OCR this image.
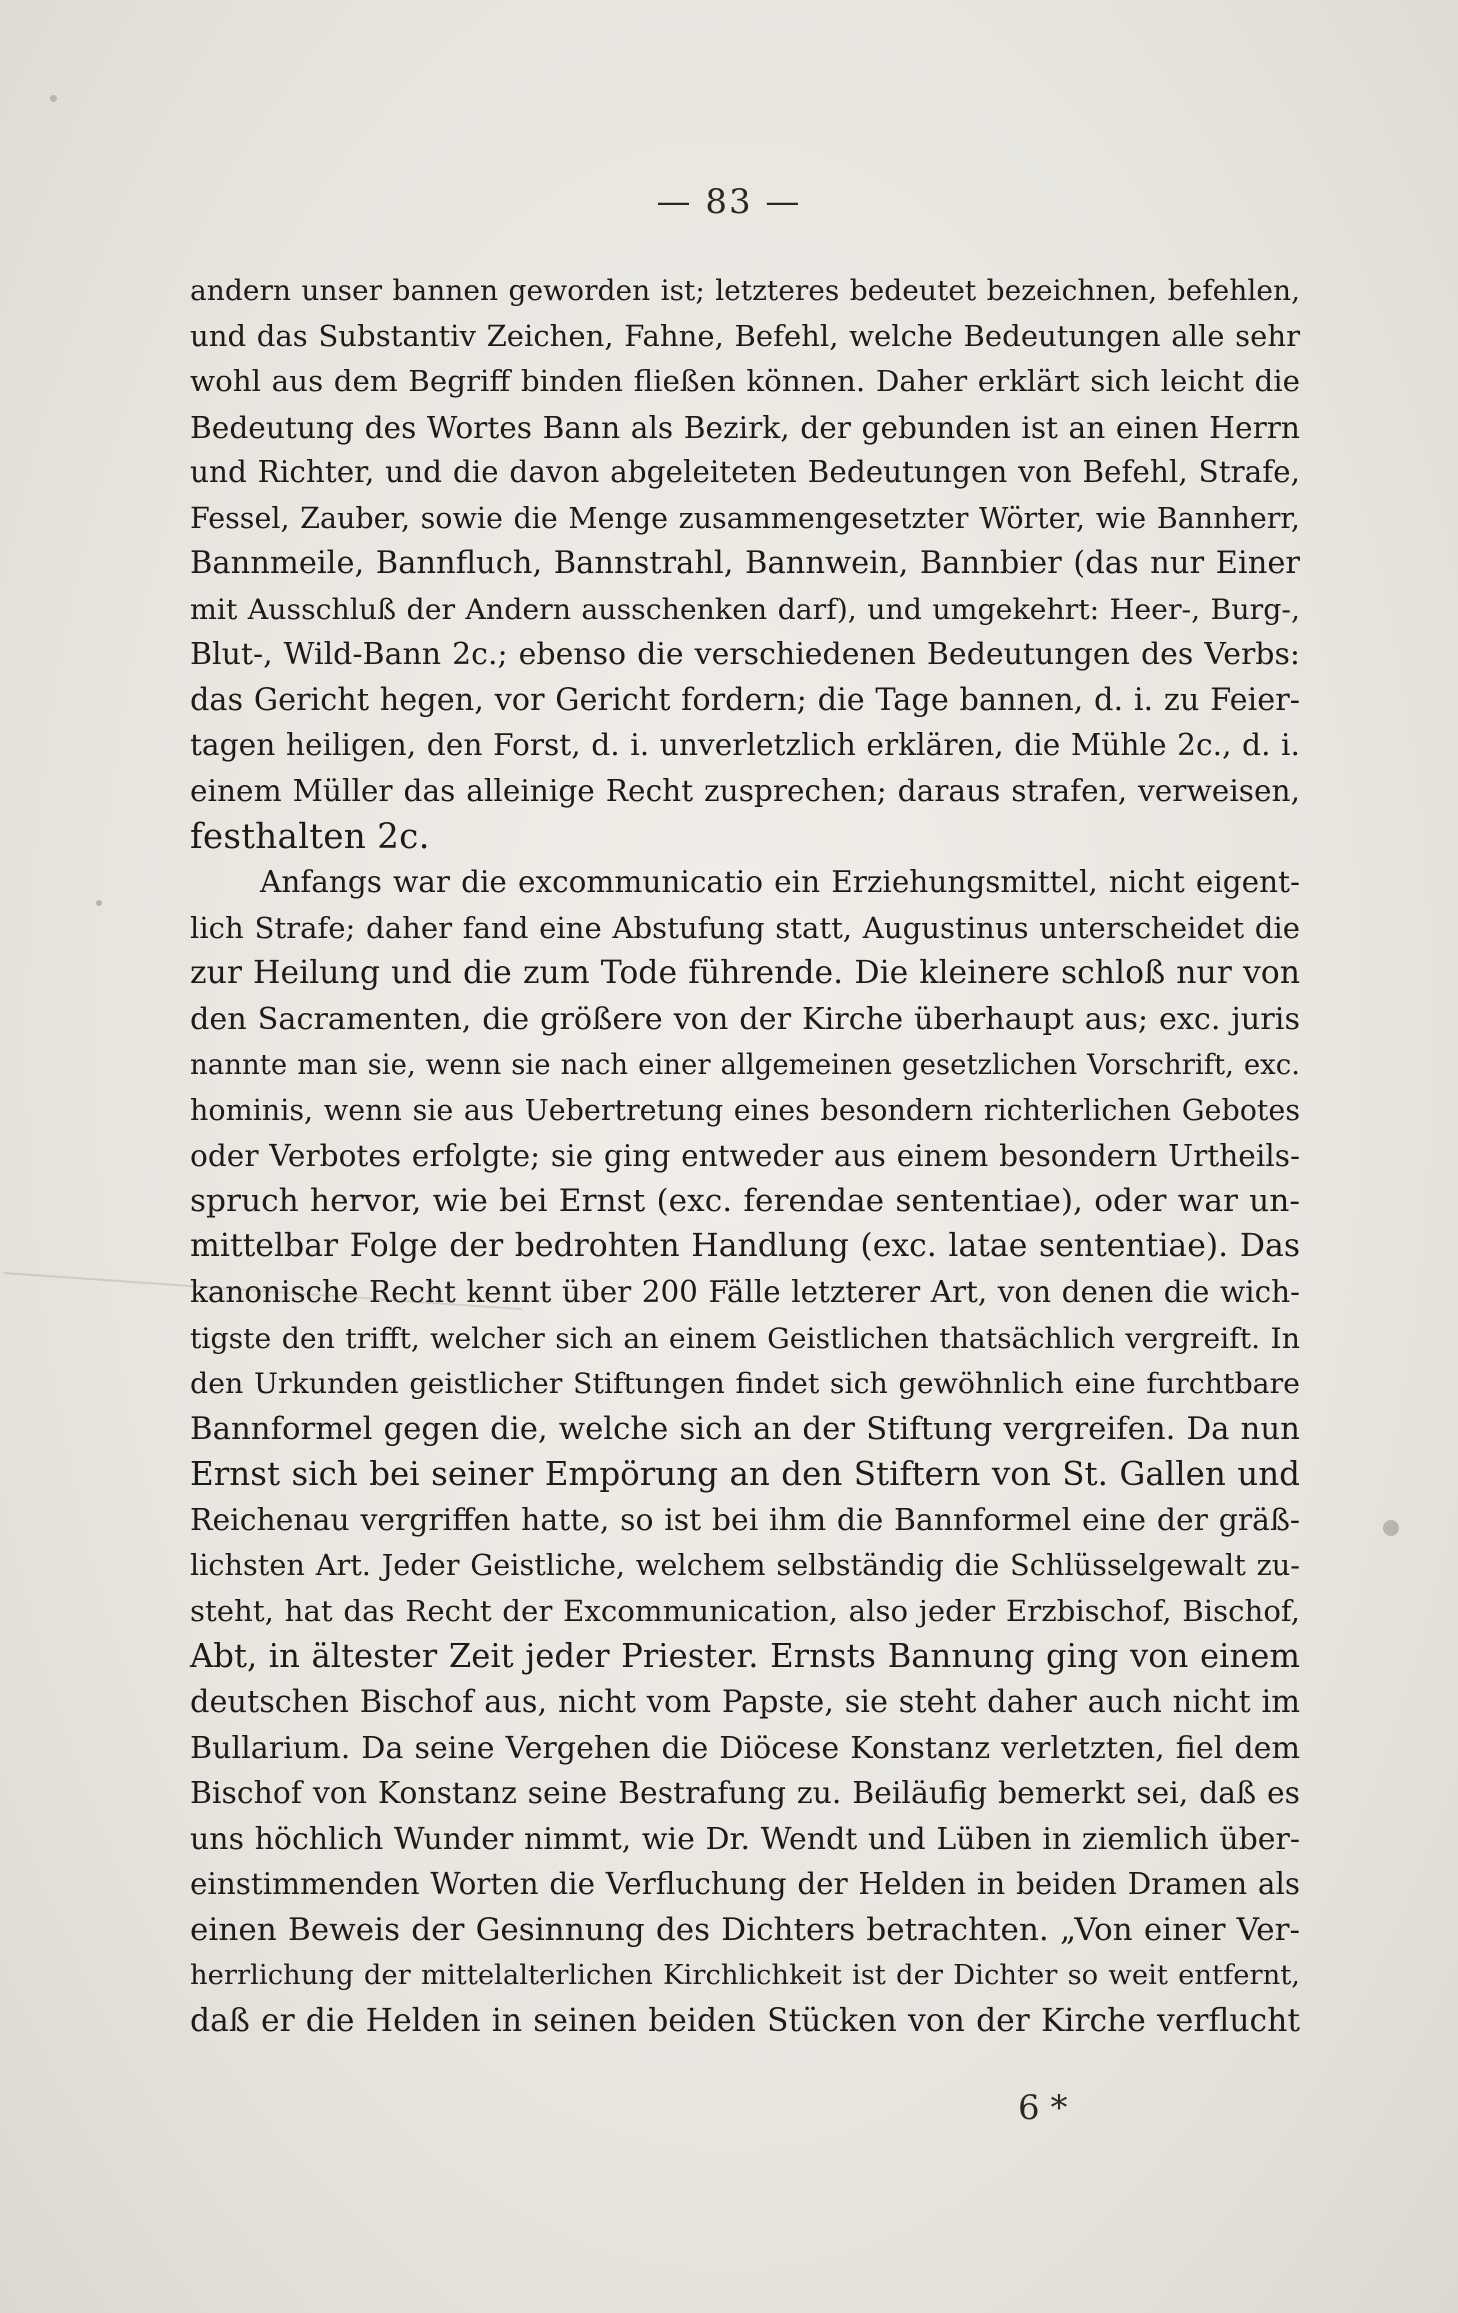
— 83 —
andern unser bannen geworden ist; letzteres bedeutet bezeichnen, befehlen,
und das Substantiv Zeichen, Fahne, Befehl, welche Bedeutungen alle sehr
wohl aus dem Begriff binden fließen können. Daher erklärt sich leicht die
Bedeutung des Wortes Bann als Bezirk, der gebunden ist an einen Herrn
und Richter, und die davon abgeleiteten Bedeutungen von Befehl, Strafe,
Fessel, Zauber, sowie die Menge zusammengesetzter Wörter, wie Bannherr,
Bannmeile, Bannfluch, Bannstrahl, Bannwein, Bannbier (das nur Einer
mit Ausschluß der Andern ausschenken darf), und umgekehrt: Heer-, Burg-,
Blut-, Wild-Bann 2c.; ebenso die verschiedenen Bedeutungen des Verbs:
das Gericht hegen, vor Gericht fordern; die Tage bannen, d. i. zu Feier-
tagen heiligen, den Forst, d. i. unverletzlich erklären, die Mühle 2c., d. i.
einem Müller das alleinige Recht zusprechen; daraus strafen, verweisen,
festhalten 2c.
Anfangs war die excommunicatio ein Erziehungsmittel, nicht eigent-
lich Strafe; daher fand eine Abstufung statt, Augustinus unterscheidet die
zur Heilung und die zum Tode führende. Die kleinere schloß nur von
den Sacramenten, die größere von der Kirche überhaupt aus; exc. juris
nannte man sie, wenn sie nach einer allgemeinen gesetzlichen Vorschrift, exc.
hominis, wenn sie aus Uebertretung eines besondern richterlichen Gebotes
oder Verbotes erfolgte; sie ging entweder aus einem besondern Urtheils-
spruch hervor, wie bei Ernst (exc. ferendae sententiae), oder war un-
mittelbar Folge der bedrohten Handlung (exc. latae sententiae). Das
kanonische Recht kennt über 200 Fälle letzterer Art, von denen die wich-
tigste den trifft, welcher sich an einem Geistlichen thatsächlich vergreift. In
den Urkunden geistlicher Stiftungen findet sich gewöhnlich eine furchtbare
Bannformel gegen die, welche sich an der Stiftung vergreifen. Da nun
Ernst sich bei seiner Empörung an den Stiftern von St. Gallen und
Reichenau vergriffen hatte, so ist bei ihm die Bannformel eine der gräß-
lichsten Art. Jeder Geistliche, welchem selbständig die Schlüsselgewalt zu-
steht, hat das Recht der Excommunication, also jeder Erzbischof, Bischof,
Abt, in ältester Zeit jeder Priester. Ernsts Bannung ging von einem
deutschen Bischof aus, nicht vom Papste, sie steht daher auch nicht im
Bullarium. Da seine Vergehen die Diöcese Konstanz verletzten, fiel dem
Bischof von Konstanz seine Bestrafung zu. Beiläufig bemerkt sei, daß es
uns höchlich Wunder nimmt, wie Dr. Wendt und Lüben in ziemlich über-
einstimmenden Worten die Verfluchung der Helden in beiden Dramen als
einen Beweis der Gesinnung des Dichters betrachten. „Von einer Ver-
herrlichung der mittelalterlichen Kirchlichkeit ist der Dichter so weit entfernt,
daß er die Helden in seinen beiden Stücken von der Kirche verflucht
6 *
